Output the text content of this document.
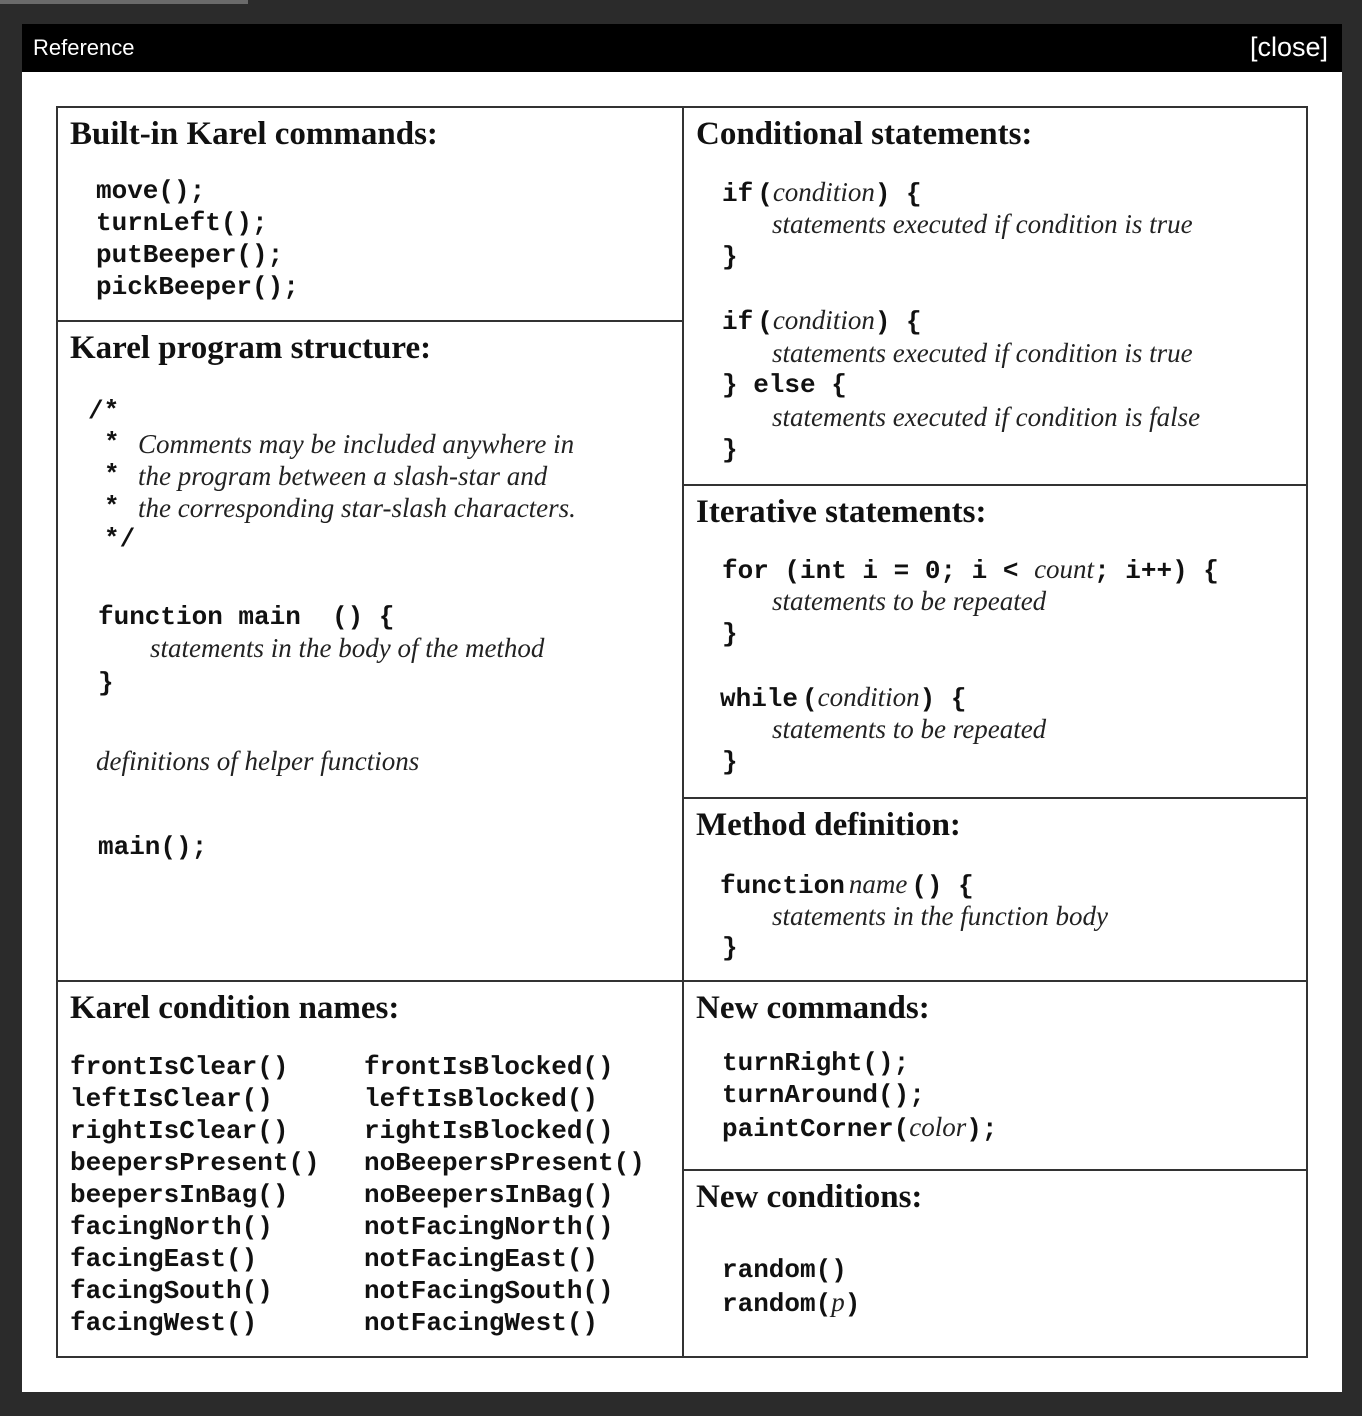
Reference	[close]
Built-in Karel commands:
move();
turnLeft();
putBeeper();
pickBeeper();
Karel program structure:
/*
*
*
*
Comments may be included anywhere in
the program between a slash-star and
the corresponding star-slash characters.
*/
function main  () {
statements in the body of the method
}
definitions of helper functions
main();
Karel condition names:
frontIsClear()
leftIsClear()
rightIsClear()
beepersPresent()
beepersInBag()
facingNorth()
facingEast()
facingSouth()
facingWest()
frontIsBlocked()
leftIsBlocked()
rightIsBlocked()
noBeepersPresent()
noBeepersInBag()
notFacingNorth()
notFacingEast()
notFacingSouth()
notFacingWest()
Conditional statements:
if (condition) {
statements executed if condition is true
}
if (condition) {
statements executed if condition is true
} else {
statements executed if condition is false
}
Iterative statements:
for (int i = 0; i < count; i++) {
statements to be repeated
}
while (condition) {
statements to be repeated
}
Method definition:
function name () {
statements in the function body
}
New commands:
turnRight();
turnAround();
paintCorner(color);
New conditions:
random()
random(p)
